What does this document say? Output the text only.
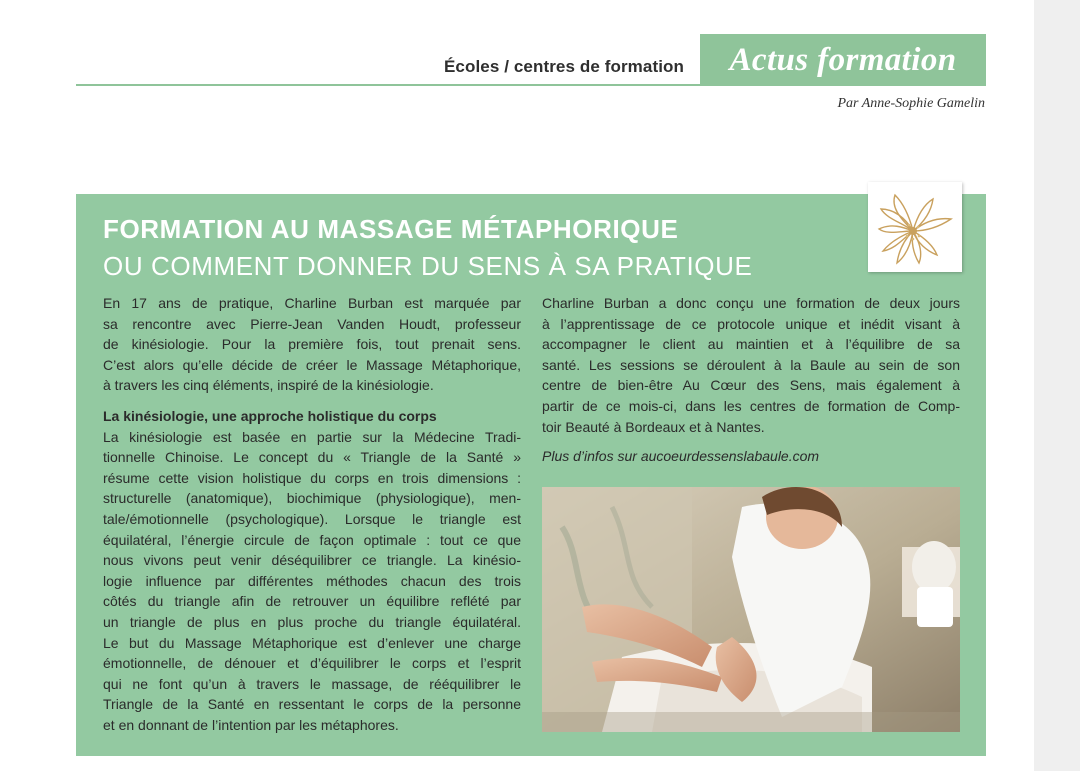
Écoles / centres de formation	Actus formation
Par Anne-Sophie Gamelin
FORMATION AU MASSAGE MÉTAPHORIQUE
OU COMMENT DONNER DU SENS À SA PRATIQUE
En 17 ans de pratique, Charline Burban est marquée par
sa rencontre avec Pierre-Jean Vanden Houdt, professeur
de kinésiologie. Pour la première fois, tout prenait sens.
C’est alors qu’elle décide de créer le Massage Métaphorique,
à travers les cinq éléments, inspiré de la kinésiologie.
La kinésiologie, une approche holistique du corps
La kinésiologie est basée en partie sur la Médecine Tradi-
tionnelle Chinoise. Le concept du « Triangle de la Santé »
résume cette vision holistique du corps en trois dimensions :
structurelle (anatomique), biochimique (physiologique), men-
tale/émotionnelle (psychologique). Lorsque le triangle est
équilatéral, l’énergie circule de façon optimale : tout ce que
nous vivons peut venir déséquilibrer ce triangle. La kinésio-
logie influence par différentes méthodes chacun des trois
côtés du triangle afin de retrouver un équilibre reflété par
un triangle de plus en plus proche du triangle équilatéral.
Le but du Massage Métaphorique est d’enlever une charge
émotionnelle, de dénouer et d’équilibrer le corps et l’esprit
qui ne font qu’un à travers le massage, de rééquilibrer le
Triangle de la Santé en ressentant le corps de la personne
et en donnant de l’intention par les métaphores.
Charline Burban a donc conçu une formation de deux jours
à l’apprentissage de ce protocole unique et inédit visant à
accompagner le client au maintien et à l’équilibre de sa
santé. Les sessions se déroulent à la Baule au sein de son
centre de bien-être Au Cœur des Sens, mais également à
partir de ce mois-ci, dans les centres de formation de Comp-
toir Beauté à Bordeaux et à Nantes.
Plus d’infos sur aucoeurdessenslabaule.com
